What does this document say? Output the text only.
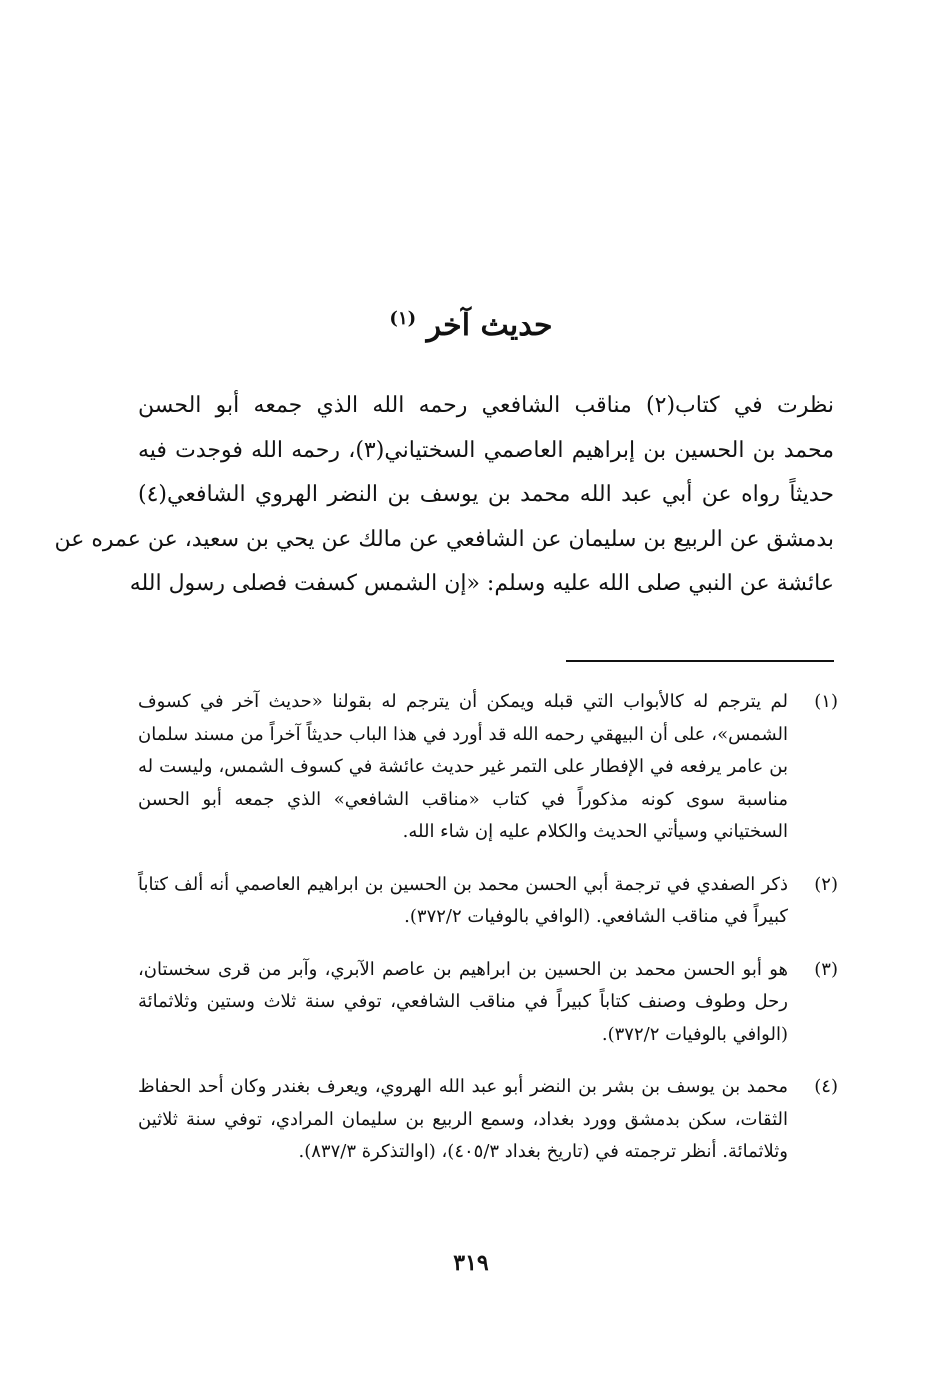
حديث آخر $^{(١)}$
نظرت في كتاب(٢) مناقب الشافعي رحمه الله الذي جمعه أبو الحسن
محمد بن الحسين بن إبراهيم العاصمي السختياني(٣)، رحمه الله فوجدت فيه
حديثاً رواه عن أبي عبد الله محمد بن يوسف بن النضر الهروي الشافعي(٤)
بدمشق عن الربيع بن سليمان عن الشافعي عن مالك عن يحي بن سعيد، عن عمره عن
عائشة عن النبي صلى الله عليه وسلم: «إن الشمس كسفت فصلى رسول الله
(١)
لم يترجم له كالأبواب التي قبله ويمكن أن يترجم له بقولنا «حديث آخر في كسوف الشمس»، على أن البيهقي رحمه الله قد أورد في هذا الباب حديثاً آخراً من مسند سلمان بن عامر يرفعه في الإفطار على التمر غير حديث عائشة في كسوف الشمس، وليست له مناسبة سوى كونه مذكوراً في كتاب «مناقب الشافعي» الذي جمعه أبو الحسن السختياني وسيأتي الحديث والكلام عليه إن شاء الله.
(٢)
ذكر الصفدي في ترجمة أبي الحسن محمد بن الحسين بن ابراهيم العاصمي أنه ألف كتاباً كبيراً في مناقب الشافعي. (الوافي بالوفيات ٣٧٢/٢).
(٣)
هو أبو الحسن محمد بن الحسين بن ابراهيم بن عاصم الآبري، وآبر من قرى سخستان، رحل وطوف وصنف كتاباً كبيراً في مناقب الشافعي، توفي سنة ثلاث وستين وثلاثمائة (الوافي بالوفيات ٣٧٢/٢).
(٤)
محمد بن يوسف بن بشر بن النضر أبو عبد الله الهروي، ويعرف بغندر وكان أحد الحفاظ الثقات، سكن بدمشق وورد بغداد، وسمع الربيع بن سليمان المرادي، توفي سنة ثلاثين وثلاثمائة. أنظر ترجمته في (تاريخ بغداد ٤٠٥/٣)، (اوالتذكرة ٨٣٧/٣).
٣١٩
